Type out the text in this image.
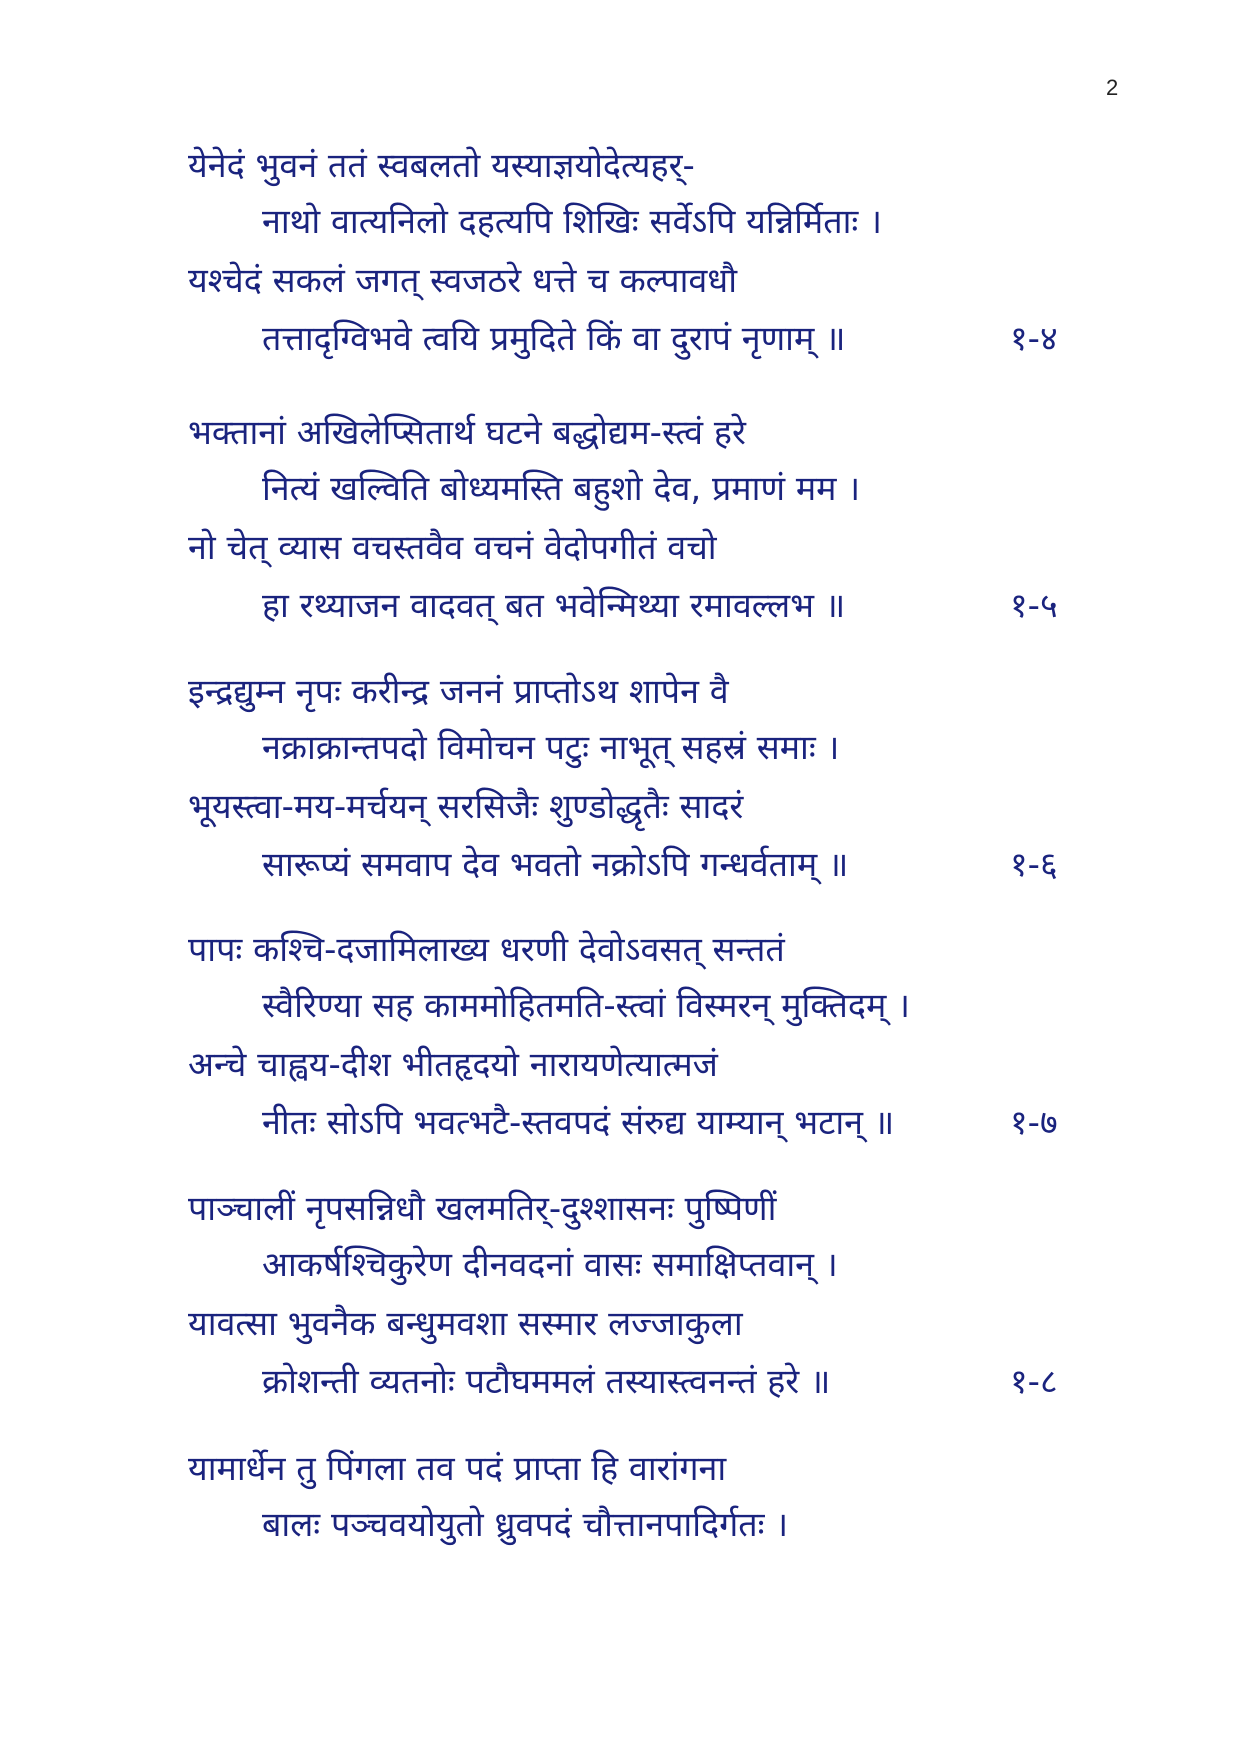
2
येनेदं भुवनं ततं स्वबलतो यस्याज्ञयोदेत्यहर्-
नाथो वात्यनिलो दहत्यपि शिखिः सर्वेऽपि यन्निर्मिताः ।
यश्चेदं सकलं जगत् स्वजठरे धत्ते च कल्पावधौ
तत्तादृग्विभवे त्वयि प्रमुदिते किं वा दुरापं नृणाम् ॥	१-४
भक्तानां अखिलेप्सितार्थ घटने बद्धोद्यम-स्त्वं हरे
नित्यं खल्विति बोध्यमस्ति बहुशो देव, प्रमाणं मम ।
नो चेत् व्यास वचस्तवैव वचनं वेदोपगीतं वचो
हा रथ्याजन वादवत् बत भवेन्मिथ्या रमावल्लभ ॥	१-५
इन्द्रद्युम्न नृपः करीन्द्र जननं प्राप्तोऽथ शापेन वै
नक्राक्रान्तपदो विमोचन पटुः नाभूत् सहस्रं समाः ।
भूयस्त्वा-मय-मर्चयन् सरसिजैः शुण्डोद्धृतैः सादरं
सारूप्यं समवाप देव भवतो नक्रोऽपि गन्धर्वताम् ॥	१-६
पापः कश्चि-दजामिलाख्य धरणी देवोऽवसत् सन्ततं
स्वैरिण्या सह काममोहितमति-स्त्वां विस्मरन् मुक्तिदम् ।
अन्चे चाह्वय-दीश भीतहृदयो नारायणेत्यात्मजं
नीतः सोऽपि भवत्भटै-स्तवपदं संरुद्य याम्यान् भटान् ॥	१-७
पाञ्चालीं नृपसन्निधौ खलमतिर्-दुश्शासनः पुष्पिणीं
आकर्षश्चिकुरेण दीनवदनां वासः समाक्षिप्तवान् ।
यावत्सा भुवनैक बन्धुमवशा सस्मार लज्जाकुला
क्रोशन्ती व्यतनोः पटौघममलं तस्यास्त्वनन्तं हरे ॥	१-८
यामार्धेन तु पिंगला तव पदं प्राप्ता हि वारांगना
बालः पञ्चवयोयुतो ध्रुवपदं चौत्तानपादिर्गतः ।
